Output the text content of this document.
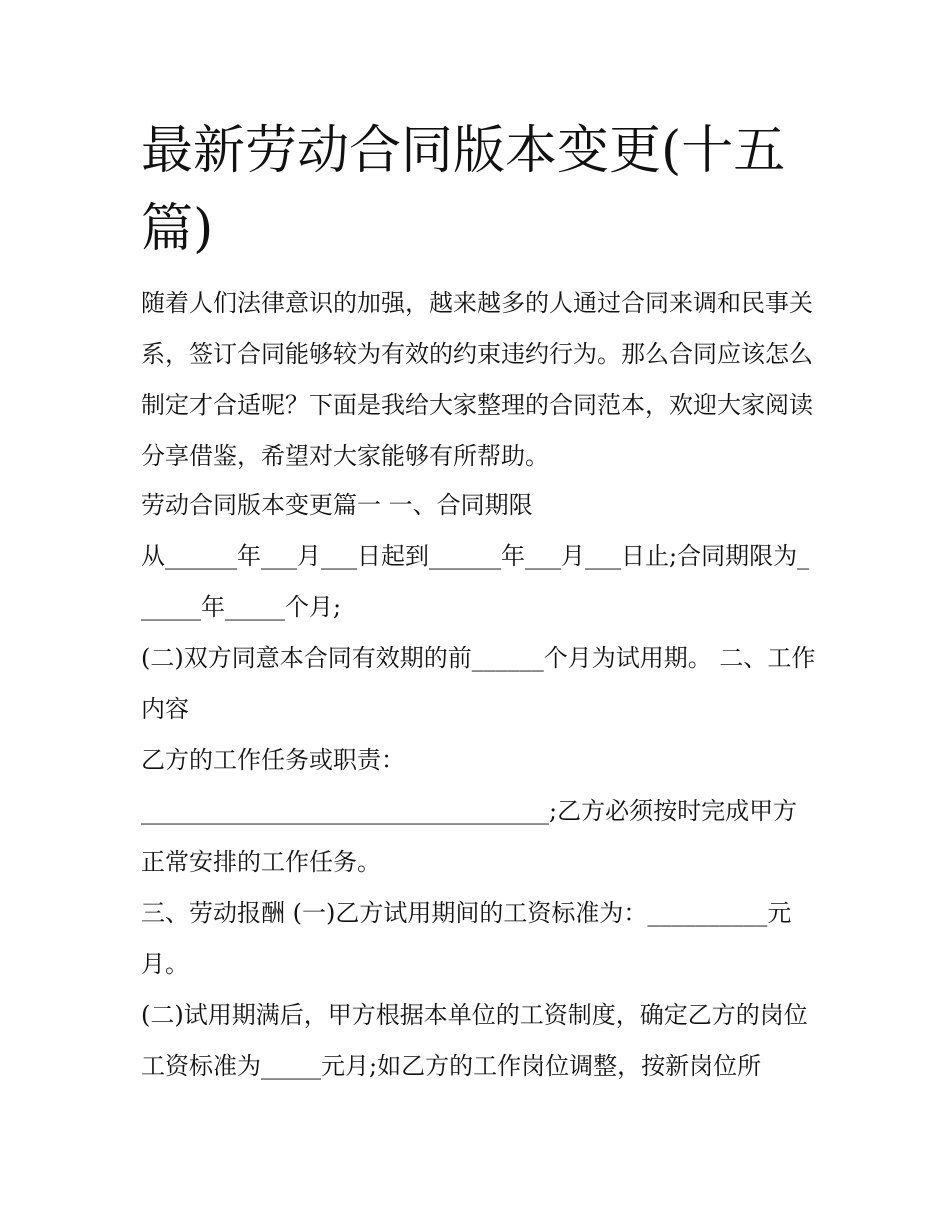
最新劳动合同版本变更(十五篇)

随着人们法律意识的加强，越来越多的人通过合同来调和民事关系，签订合同能够较为有效的约束违约行为。那么合同应该怎么制定才合适呢？下面是我给大家整理的合同范本，欢迎大家阅读分享借鉴，希望对大家能够有所帮助。

劳动合同版本变更篇一 一、合同期限

从______年___月___日起到______年___月___日止;合同期限为______年_____个月;

(二)双方同意本合同有效期的前______个月为试用期。 二、工作内容

乙方的工作任务或职责：

__________________________________;乙方必须按时完成甲方正常安排的工作任务。

三、劳动报酬 (一)乙方试用期间的工资标准为：__________元月。

(二)试用期满后，甲方根据本单位的工资制度，确定乙方的岗位工资标准为_____元月;如乙方的工作岗位调整，按新岗位所
